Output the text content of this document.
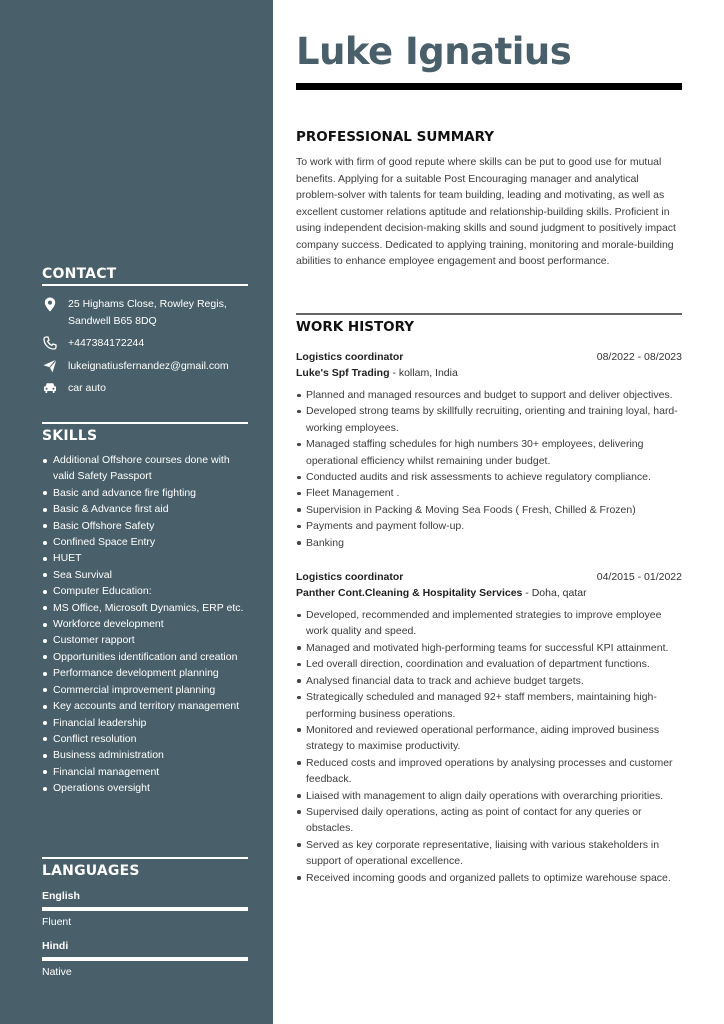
CONTACT
25 Highams Close, Rowley Regis,
Sandwell B65 8DQ
+447384172244
lukeignatiusfernandez@gmail.com
car auto
SKILLS
Additional Offshore courses done with valid Safety Passport
Basic and advance fire fighting
Basic & Advance first aid
Basic Offshore Safety
Confined Space Entry
HUET
Sea Survival
Computer Education:
MS Office, Microsoft Dynamics, ERP etc.
Workforce development
Customer rapport
Opportunities identification and creation
Performance development planning
Commercial improvement planning
Key accounts and territory management
Financial leadership
Conflict resolution
Business administration
Financial management
Operations oversight
LANGUAGES
English
Fluent
Hindi
Native
Luke Ignatius
PROFESSIONAL SUMMARY

To work with firm of good repute where skills can be put to good use for mutual benefits. Applying for a suitable Post Encouraging manager and analytical problem-solver with talents for team building, leading and motivating, as well as excellent customer relations aptitude and relationship-building skills. Proficient in using independent decision-making skills and sound judgment to positively impact company success. Dedicated to applying training, monitoring and morale-building abilities to enhance employee engagement and boost performance.

WORK HISTORY
Logistics coordinator	08/2022 - 08/2023
Luke's Spf Trading - kollam, India
Planned and managed resources and budget to support and deliver objectives.
Developed strong teams by skillfully recruiting, orienting and training loyal, hard-working employees.
Managed staffing schedules for high numbers 30+ employees, delivering operational efficiency whilst remaining under budget.
Conducted audits and risk assessments to achieve regulatory compliance.
Fleet Management .
Supervision in Packing & Moving Sea Foods ( Fresh, Chilled & Frozen)
Payments and payment follow-up.
Banking
Logistics coordinator	04/2015 - 01/2022
Panther Cont.Cleaning & Hospitality Services - Doha, qatar
Developed, recommended and implemented strategies to improve employee work quality and speed.
Managed and motivated high-performing teams for successful KPI attainment.
Led overall direction, coordination and evaluation of department functions.
Analysed financial data to track and achieve budget targets.
Strategically scheduled and managed 92+ staff members, maintaining high-performing business operations.
Monitored and reviewed operational performance, aiding improved business strategy to maximise productivity.
Reduced costs and improved operations by analysing processes and customer feedback.
Liaised with management to align daily operations with overarching priorities.
Supervised daily operations, acting as point of contact for any queries or obstacles.
Served as key corporate representative, liaising with various stakeholders in support of operational excellence.
Received incoming goods and organized pallets to optimize warehouse space.
